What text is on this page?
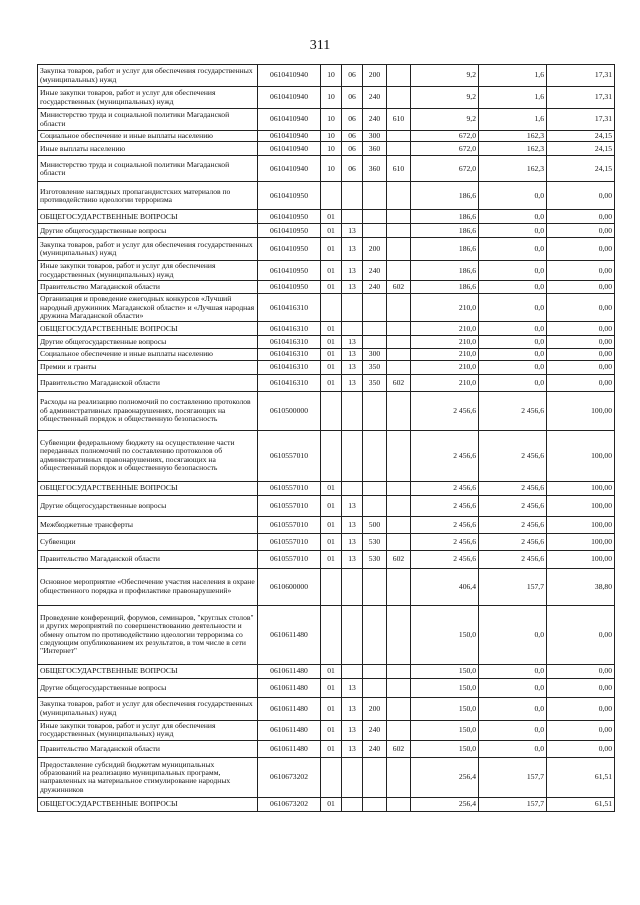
311
Закупка товаров, работ и услуг для обеспечения государственных (муниципальных) нужд	0610410940	10	06	200		9,2	1,6	17,31
Иные закупки товаров, работ и услуг для обеспечения государственных (муниципальных) нужд	0610410940	10	06	240		9,2	1,6	17,31
Министерство труда и социальной политики Магаданской области	0610410940	10	06	240	610	9,2	1,6	17,31
Социальное обеспечение и иные выплаты населению	0610410940	10	06	300		672,0	162,3	24,15
Иные выплаты населению	0610410940	10	06	360		672,0	162,3	24,15
Министерство труда и социальной политики Магаданской области	0610410940	10	06	360	610	672,0	162,3	24,15
Изготовление наглядных пропагандистских материалов по противодействию идеологии терроризма	0610410950					186,6	0,0	0,00
ОБЩЕГОСУДАРСТВЕННЫЕ ВОПРОСЫ	0610410950	01				186,6	0,0	0,00
Другие общегосударственные вопросы	0610410950	01	13			186,6	0,0	0,00
Закупка товаров, работ и услуг для обеспечения государственных (муниципальных) нужд	0610410950	01	13	200		186,6	0,0	0,00
Иные закупки товаров, работ и услуг для обеспечения государственных (муниципальных) нужд	0610410950	01	13	240		186,6	0,0	0,00
Правительство Магаданской области	0610410950	01	13	240	602	186,6	0,0	0,00
Организация и проведение ежегодных конкурсов «Лучший народный дружинник Магаданской области» и «Лучшая народная дружина Магаданской области»	0610416310					210,0	0,0	0,00
ОБЩЕГОСУДАРСТВЕННЫЕ ВОПРОСЫ	0610416310	01				210,0	0,0	0,00
Другие общегосударственные вопросы	0610416310	01	13			210,0	0,0	0,00
Социальное обеспечение и иные выплаты населению	0610416310	01	13	300		210,0	0,0	0,00
Премии и гранты	0610416310	01	13	350		210,0	0,0	0,00
Правительство Магаданской области	0610416310	01	13	350	602	210,0	0,0	0,00
Расходы на реализацию полномочий по составлению протоколов об административных правонарушениях, посягающих на общественный порядок и общественную безопасность	0610500000					2 456,6	2 456,6	100,00
Субвенции федеральному бюджету на осуществление части переданных полномочий по составлению протоколов об административных правонарушениях, посягающих на общественный порядок и общественную безопасность	0610557010					2 456,6	2 456,6	100,00
ОБЩЕГОСУДАРСТВЕННЫЕ ВОПРОСЫ	0610557010	01				2 456,6	2 456,6	100,00
Другие общегосударственные вопросы	0610557010	01	13			2 456,6	2 456,6	100,00
Межбюджетные трансферты	0610557010	01	13	500		2 456,6	2 456,6	100,00
Субвенции	0610557010	01	13	530		2 456,6	2 456,6	100,00
Правительство Магаданской области	0610557010	01	13	530	602	2 456,6	2 456,6	100,00
Основное мероприятие «Обеспечение участия населения в охране общественного порядка и профилактике правонарушений»	0610600000					406,4	157,7	38,80
Проведение конференций, форумов, семинаров, "круглых столов" и других мероприятий по совершенствованию деятельности и обмену опытом по противодействию идеологии терроризма со следующим опубликованием их результатов, в том числе в сети "Интернет"	0610611480					150,0	0,0	0,00
ОБЩЕГОСУДАРСТВЕННЫЕ ВОПРОСЫ	0610611480	01				150,0	0,0	0,00
Другие общегосударственные вопросы	0610611480	01	13			150,0	0,0	0,00
Закупка товаров, работ и услуг для обеспечения государственных (муниципальных) нужд	0610611480	01	13	200		150,0	0,0	0,00
Иные закупки товаров, работ и услуг для обеспечения государственных (муниципальных) нужд	0610611480	01	13	240		150,0	0,0	0,00
Правительство Магаданской области	0610611480	01	13	240	602	150,0	0,0	0,00
Предоставление субсидий бюджетам муниципальных образований на реализацию муниципальных программ, направленных на материальное стимулирование народных дружинников	0610673202					256,4	157,7	61,51
ОБЩЕГОСУДАРСТВЕННЫЕ ВОПРОСЫ	0610673202	01				256,4	157,7	61,51
